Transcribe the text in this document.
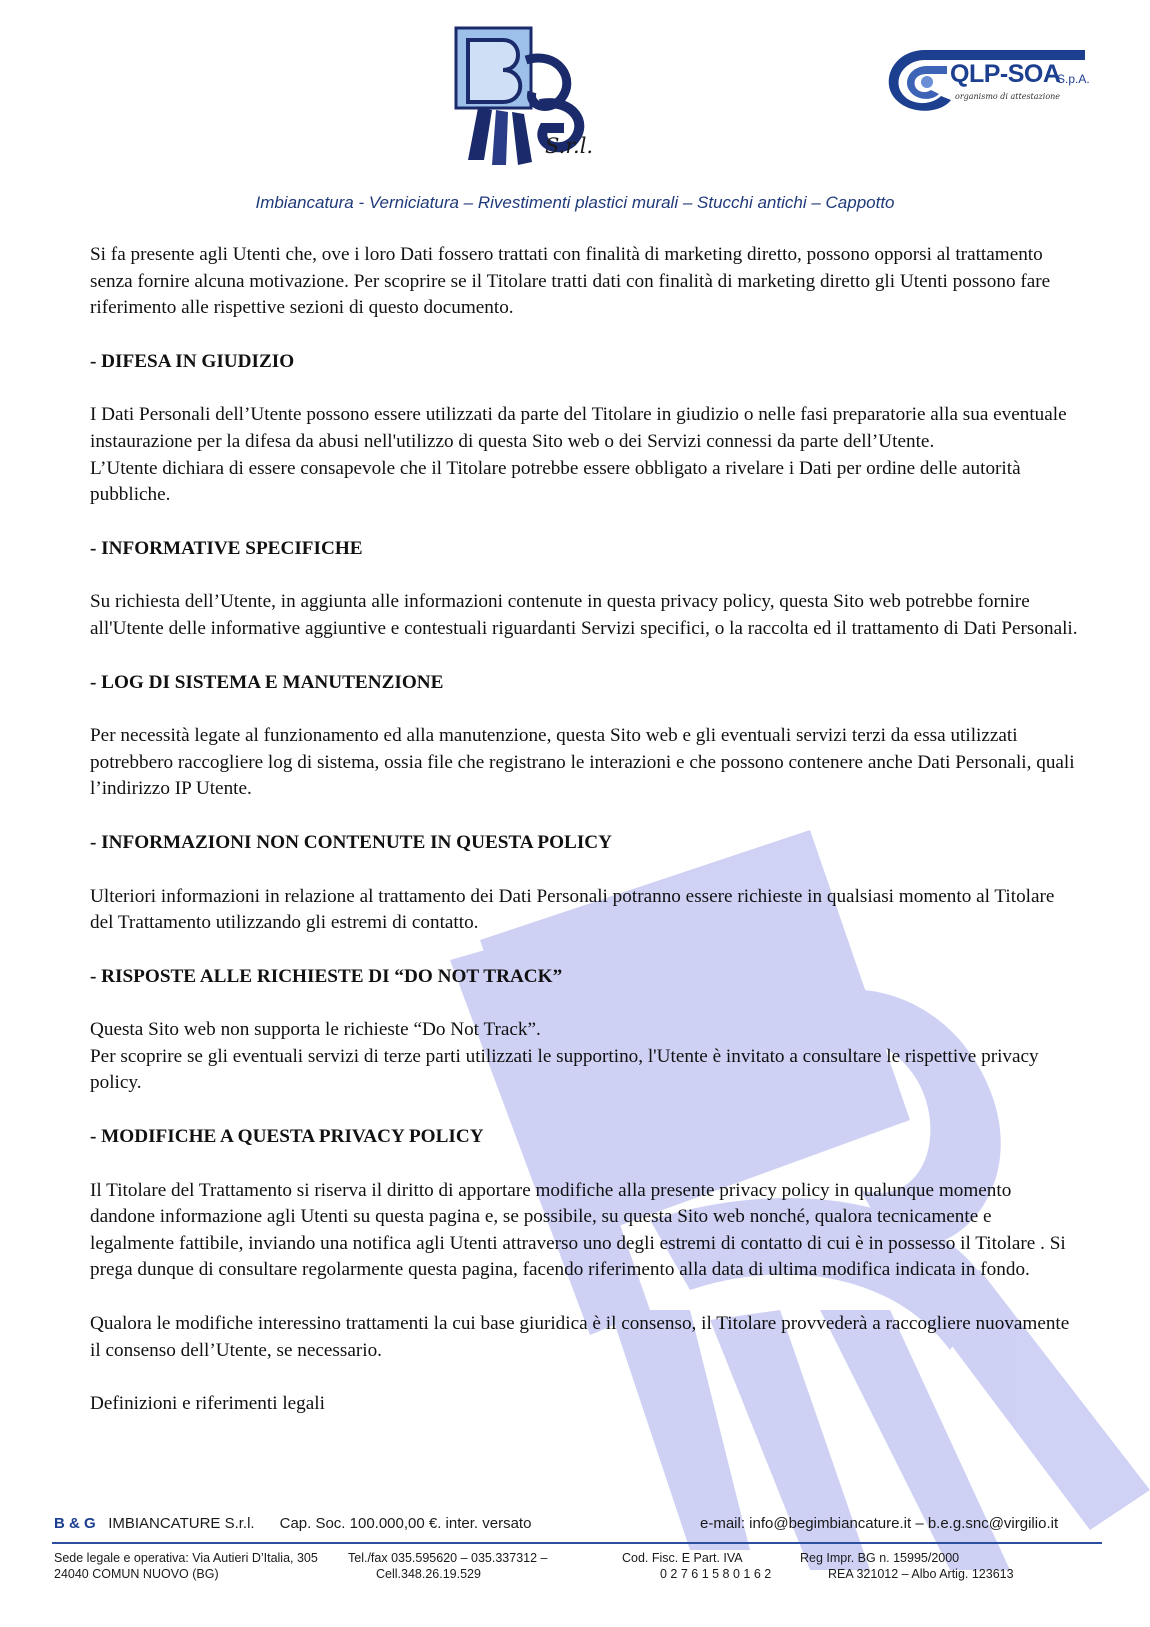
S.r.l.
QLP-SOA
S.p.A.
organismo di attestazione
Imbiancatura - Verniciatura – Rivestimenti plastici murali – Stucchi antichi – Cappotto

Si fa presente agli Utenti che, ove i loro Dati fossero trattati con finalità di marketing diretto, possono opporsi al trattamento senza fornire alcuna motivazione. Per scoprire se il Titolare tratti dati con finalità di marketing diretto gli Utenti possono fare riferimento alle rispettive sezioni di questo documento.

- DIFESA IN GIUDIZIO

I Dati Personali dell’Utente possono essere utilizzati da parte del Titolare in giudizio o nelle fasi preparatorie alla sua eventuale instaurazione per la difesa da abusi nell'utilizzo di questa Sito web o dei Servizi connessi da parte dell’Utente.
L’Utente dichiara di essere consapevole che il Titolare potrebbe essere obbligato a rivelare i Dati per ordine delle autorità pubbliche.

- INFORMATIVE SPECIFICHE

Su richiesta dell’Utente, in aggiunta alle informazioni contenute in questa privacy policy, questa Sito web potrebbe fornire all'Utente delle informative aggiuntive e contestuali riguardanti Servizi specifici, o la raccolta ed il trattamento di Dati Personali.

- LOG DI SISTEMA E MANUTENZIONE

Per necessità legate al funzionamento ed alla manutenzione, questa Sito web e gli eventuali servizi terzi da essa utilizzati potrebbero raccogliere log di sistema, ossia file che registrano le interazioni e che possono contenere anche Dati Personali, quali l’indirizzo IP Utente.

- INFORMAZIONI NON CONTENUTE IN QUESTA POLICY

Ulteriori informazioni in relazione al trattamento dei Dati Personali potranno essere richieste in qualsiasi momento al Titolare del Trattamento utilizzando gli estremi di contatto.

- RISPOSTE ALLE RICHIESTE DI “DO NOT TRACK”

Questa Sito web non supporta le richieste “Do Not Track”.
Per scoprire se gli eventuali servizi di terze parti utilizzati le supportino, l'Utente è invitato a consultare le rispettive privacy policy.

- MODIFICHE A QUESTA PRIVACY POLICY

Il Titolare del Trattamento si riserva il diritto di apportare modifiche alla presente privacy policy in qualunque momento dandone informazione agli Utenti su questa pagina e, se possibile, su questa Sito web nonché, qualora tecnicamente e legalmente fattibile, inviando una notifica agli Utenti attraverso uno degli estremi di contatto di cui è in possesso il Titolare . Si prega dunque di consultare regolarmente questa pagina, facendo riferimento alla data di ultima modifica indicata in fondo.

Qualora le modifiche interessino trattamenti la cui base giuridica è il consenso, il Titolare provvederà a raccogliere nuovamente il consenso dell’Utente, se necessario.

Definizioni e riferimenti legali

B & G IMBIANCATURE S.r.l. Cap. Soc. 100.000,00 €. inter. versato	e-mail: info@begimbiancature.it – b.e.g.snc@virgilio.it
Sede legale e operativa: Via Autieri D’Italia, 305
24040 COMUN NUOVO (BG)
Tel./fax 035.595620 – 035.337312 –
Cell.348.26.19.529
Cod. Fisc. E Part. IVA
0 2 7 6 1 5 8 0 1 6 2
Reg Impr. BG n. 15995/2000
REA 321012 – Albo Artig. 123613
